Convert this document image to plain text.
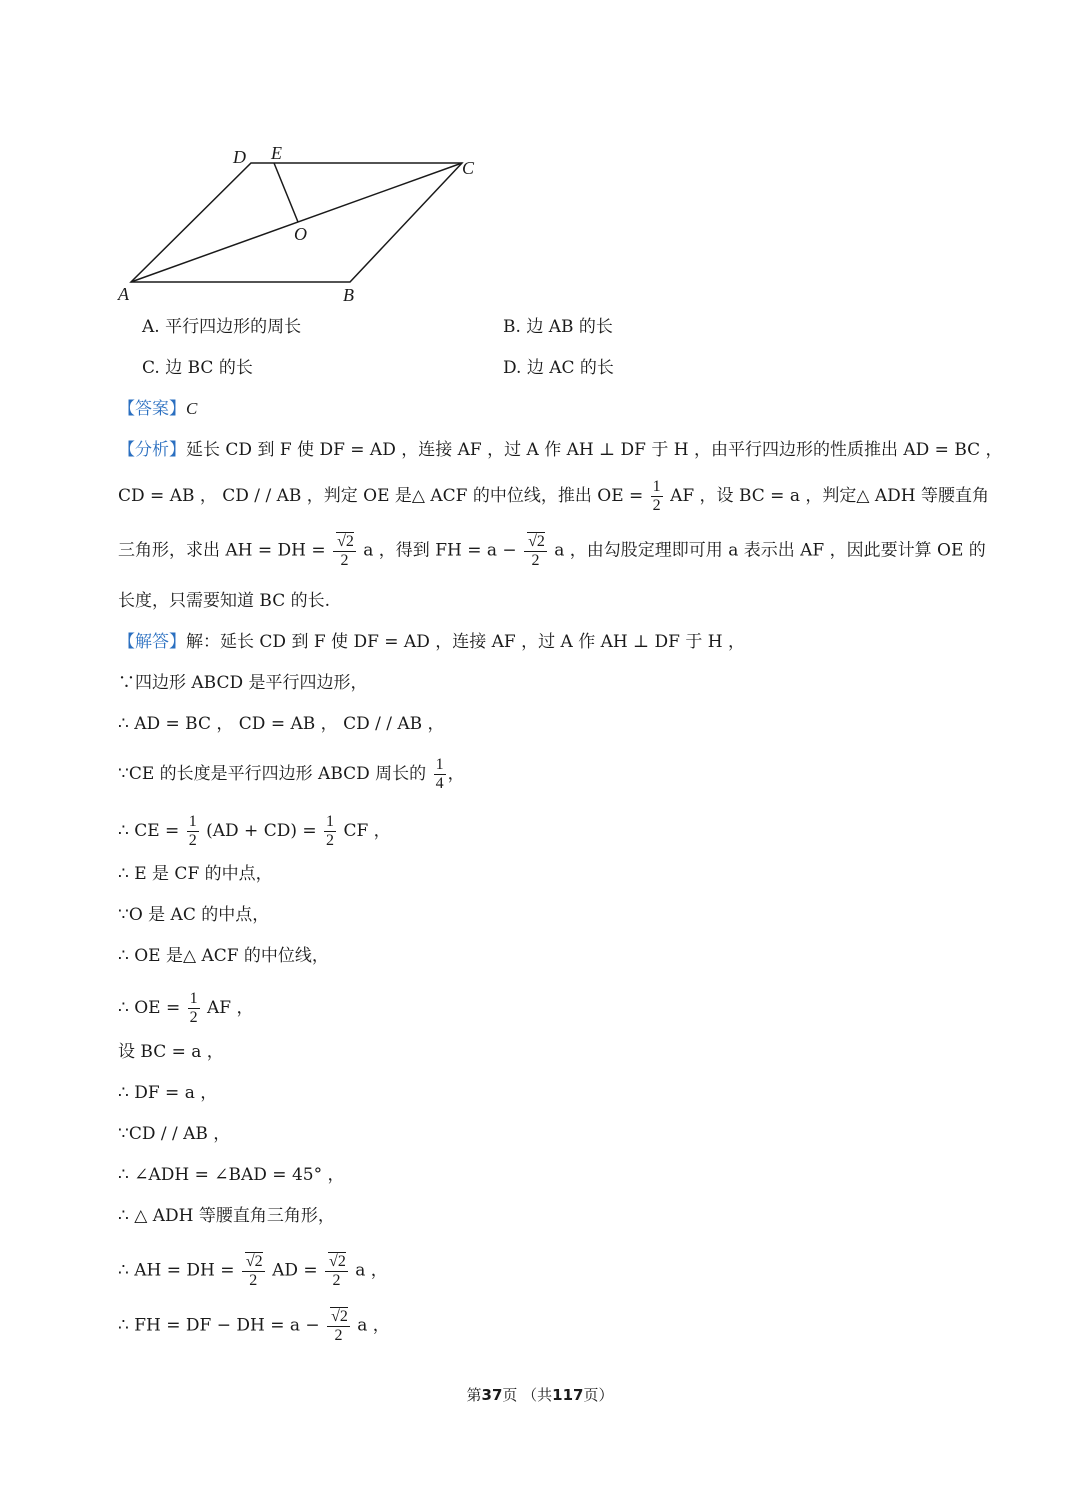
D E
C
O
A	B
A. 平行四边形的周长	B. 边 AB 的长
C. 边 BC 的长	D. 边 AC 的长
【答案】C
【分析】延长 CD 到 F 使 DF = AD ，连接 AF ，过 A 作 AH ⊥ DF 于 H ，由平行四边形的性质推出 AD = BC ，
CD = AB ， CD / / AB ，判定 OE 是△ ACF 的中位线，推出 OE = $\frac{1}{2}$ AF ，设 BC = a ，判定△ ADH 等腰直角
三角形，求出 AH = DH = $\frac{√2}{2}$ a ，得到 FH = $a - \frac{√2}{2}$ a ，由勾股定理即可用 a 表示出 AF ，因此要计算 OE 的
长度，只需要知道 BC 的长.
【解答】解：延长 CD 到 F 使 DF = AD ，连接 AF ，过 A 作 AH ⊥ DF 于 H ，
∵四边形 ABCD 是平行四边形，
∴ AD = BC ， CD = AB ， CD / / AB ，
∵CE 的长度是平行四边形 ABCD 周长的 $\frac{1}{4}$ ，
∴ CE = $\frac{1}{2} (AD + CD) = \frac{1}{2}$ CF ，
∴ E 是 CF 的中点，
∵O 是 AC 的中点，
∴ OE 是△ ACF 的中位线，
∴ OE = $\frac{1}{2}$ AF ，
设 BC = a ，
∴ DF = a ，
∵CD / / AB ，
∴ ∠ADH = ∠BAD = 45° ，
∴ △ ADH 等腰直角三角形，
∴ AH = DH = $\frac{√2}{2}$ AD = $\frac{√2}{2}$ a ，
∴ FH = DF − DH = $a - \frac{√2}{2}$ a ，
第37页 （共117页）
